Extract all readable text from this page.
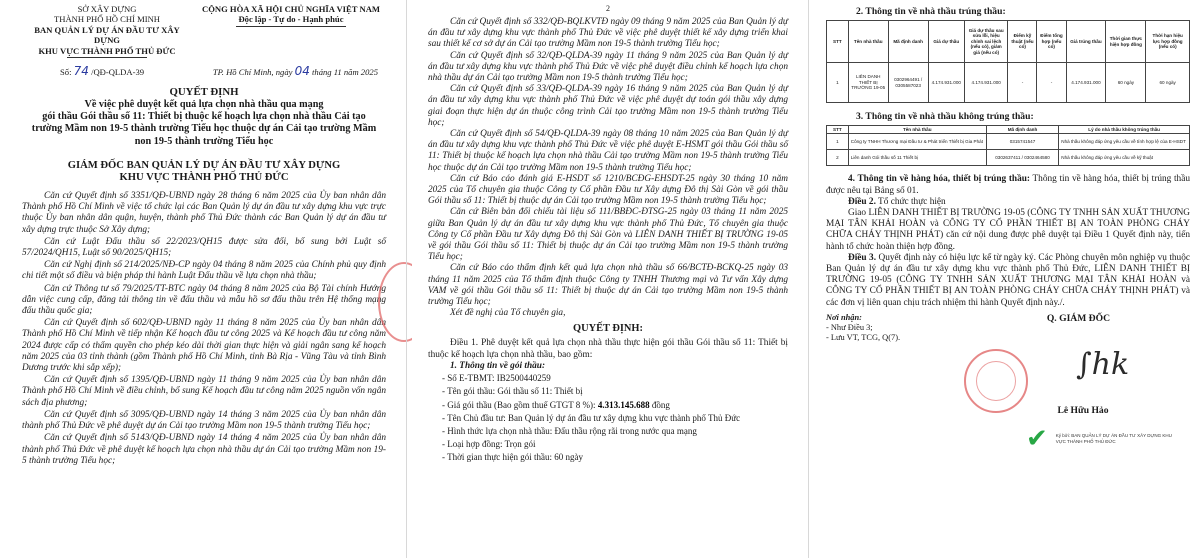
SỞ XÂY DỰNG
THÀNH PHỐ HỒ CHÍ MINH
BAN QUẢN LÝ DỰ ÁN ĐẦU TƯ XÂY DỰNG
KHU VỰC THÀNH PHỐ THỦ ĐỨC
CỘNG HÒA XÃ HỘI CHỦ NGHĨA VIỆT NAM
Độc lập - Tự do - Hạnh phúc
Số: 74 /QĐ-QLDA-39	TP. Hồ Chí Minh, ngày 04 tháng 11 năm 2025
QUYẾT ĐỊNH
Về việc phê duyệt kết quả lựa chọn nhà thầu qua mạng
gói thầu Gói thầu số 11: Thiết bị thuộc kế hoạch lựa chọn nhà thầu Cải tạo
trường Mầm non 19-5 thành trường Tiểu học thuộc dự án Cải tạo trường Mầm
non 19-5 thành trường Tiểu học
GIÁM ĐỐC BAN QUẢN LÝ DỰ ÁN ĐẦU TƯ XÂY DỰNG
KHU VỰC THÀNH PHỐ THỦ ĐỨC

Căn cứ Quyết định số 3351/QĐ-UBND ngày 28 tháng 6 năm 2025 của Ủy ban nhân dân Thành phố Hồ Chí Minh về việc tổ chức lại các Ban Quản lý dự án đầu tư xây dựng khu vực trực thuộc Ủy ban nhân dân quận, huyện, thành phố Thủ Đức thành các Ban Quản lý dự án đầu tư xây dựng trực thuộc Sở Xây dựng;

Căn cứ Luật Đấu thầu số 22/2023/QH15 được sửa đổi, bổ sung bởi Luật số 57/2024/QH15, Luật số 90/2025/QH15;

Căn cứ Nghị định số 214/2025/NĐ-CP ngày 04 tháng 8 năm 2025 của Chính phủ quy định chi tiết một số điều và biện pháp thi hành Luật Đấu thầu về lựa chọn nhà thầu;

Căn cứ Thông tư số 79/2025/TT-BTC ngày 04 tháng 8 năm 2025 của Bộ Tài chính Hướng dẫn việc cung cấp, đăng tải thông tin về đấu thầu và mẫu hồ sơ đấu thầu trên Hệ thống mạng đấu thầu quốc gia;

Căn cứ Quyết định số 602/QĐ-UBND ngày 11 tháng 8 năm 2025 của Ủy ban nhân dân Thành phố Hồ Chí Minh về tiếp nhận Kế hoạch đầu tư công 2025 và Kế hoạch đầu tư công năm 2024 được cấp có thẩm quyền cho phép kéo dài thời gian thực hiện và giải ngân sang kế hoạch năm 2025 của 03 tỉnh thành (gồm Thành phố Hồ Chí Minh, tỉnh Bà Rịa - Vũng Tàu và tỉnh Bình Dương trước khi sắp xếp);

Căn cứ Quyết định số 1395/QĐ-UBND ngày 11 tháng 9 năm 2025 của Ủy ban nhân dân Thành phố Hồ Chí Minh về điều chỉnh, bổ sung Kế hoạch đầu tư công năm 2025 nguồn vốn ngân sách địa phương;

Căn cứ Quyết định số 3095/QĐ-UBND ngày 14 tháng 3 năm 2025 của Ủy ban nhân dân thành phố Thủ Đức về phê duyệt dự án Cải tạo trường Mầm non 19-5 thành trường Tiểu học;

Căn cứ Quyết định số 5143/QĐ-UBND ngày 14 tháng 4 năm 2025 của Ủy ban nhân dân thành phố Thủ Đức về phê duyệt kế hoạch lựa chọn nhà thầu dự án Cải tạo trường Mầm non 19-5 thành trường Tiểu học;

2

Căn cứ Quyết định số 332/QĐ-BQLKVTĐ ngày 09 tháng 9 năm 2025 của Ban Quản lý dự án đầu tư xây dựng khu vực thành phố Thủ Đức về việc phê duyệt thiết kế xây dựng triển khai sau thiết kế cơ sở dự án Cải tạo trường Mầm non 19-5 thành trường Tiểu học;

Căn cứ Quyết định số 32/QĐ-QLDA-39 ngày 11 tháng 9 năm 2025 của Ban Quản lý dự án đầu tư xây dựng khu vực thành phố Thủ Đức về việc phê duyệt điều chỉnh kế hoạch lựa chọn nhà thầu dự án Cải tạo trường Mầm non 19-5 thành trường Tiểu học;

Căn cứ Quyết định số 33/QĐ-QLDA-39 ngày 16 tháng 9 năm 2025 của Ban Quản lý dự án đầu tư xây dựng khu vực thành phố Thủ Đức về việc phê duyệt dự toán gói thầu xây dựng giai đoạn thực hiện dự án thuộc công trình Cải tạo trường Mầm non 19-5 thành trường Tiểu học;

Căn cứ Quyết định số 54/QĐ-QLDA-39 ngày 08 tháng 10 năm 2025 của Ban Quản lý dự án đầu tư xây dựng khu vực thành phố Thủ Đức về việc phê duyệt E-HSMT gói thầu Gói thầu số 11: Thiết bị thuộc kế hoạch lựa chọn nhà thầu Cải tạo trường Mầm non 19-5 thành trường Tiểu học thuộc dự án Cải tạo trường Mầm non 19-5 thành trường Tiểu học;

Căn cứ Báo cáo đánh giá E-HSDT số 1210/BCĐG-EHSDT-25 ngày 30 tháng 10 năm 2025 của Tổ chuyên gia thuộc Công ty Cổ phần Đầu tư Xây dựng Đô thị Sài Gòn về gói thầu Gói thầu số 11: Thiết bị thuộc dự án Cải tạo trường Mầm non 19-5 thành trường Tiểu học;

Căn cứ Biên bản đối chiếu tài liệu số 111/BBĐC-ĐTSG-25 ngày 03 tháng 11 năm 2025 giữa Ban Quản lý dự án đầu tư xây dựng khu vực thành phố Thủ Đức, Tổ chuyên gia thuộc Công ty Cổ phần Đầu tư Xây dựng Đô thị Sài Gòn và LIÊN DANH THIẾT BỊ TRƯỜNG 19-05 về gói thầu Gói thầu số 11: Thiết bị thuộc dự án Cải tạo trường Mầm non 19-5 thành trường Tiểu học;

Căn cứ Báo cáo thẩm định kết quả lựa chọn nhà thầu số 66/BCTĐ-BCKQ-25 ngày 03 tháng 11 năm 2025 của Tổ thẩm định thuộc Công ty TNHH Thương mại và Tư vấn Xây dựng VAM về gói thầu Gói thầu số 11: Thiết bị thuộc dự án Cải tạo trường Mầm non 19-5 thành trường Tiểu học;

Xét đề nghị của Tổ chuyên gia,

QUYẾT ĐỊNH:

Điều 1. Phê duyệt kết quả lựa chọn nhà thầu thực hiện gói thầu Gói thầu số 11: Thiết bị thuộc kế hoạch lựa chọn nhà thầu, bao gồm:

1. Thông tin về gói thầu:

- Số E-TBMT: IB2500440259
- Tên gói thầu: Gói thầu số 11: Thiết bị
- Giá gói thầu (Bao gồm thuế GTGT 8 %): 4.313.145.688 đồng
- Tên Chủ đầu tư: Ban Quản lý dự án đầu tư xây dựng khu vực thành phố Thủ Đức
- Hình thức lựa chọn nhà thầu: Đấu thầu rộng rãi trong nước qua mạng
- Loại hợp đồng: Trọn gói
- Thời gian thực hiện gói thầu: 60 ngày
2. Thông tin về nhà thầu trúng thầu:
STT	Tên nhà thầu	Mã định danh	Giá dự thầu	Giá dự thầu sau sửa lỗi, hiệu chỉnh sai lệch (nếu có), giảm giá (nếu có)	Điểm kỹ thuật (nếu có)	Điểm tổng hợp (nếu có)	Giá trúng thầu	Thời gian thực hiện hợp đồng	Thời hạn hiệu lực hợp đồng (nếu có)
1	LIÊN DANH THIẾT BỊ TRƯỜNG 19-05	0302964491 / 0305587023	4.174.931.000	4.174.931.000	-	-	4.174.931.000	60 ngày	60 ngày
3. Thông tin về nhà thầu không trúng thầu:
STT	Tên nhà thầu	Mã định danh	Lý do nhà thầu không trúng thầu
1	Công ty TNHH Thương mại Đầu tư & Phát triển Thiết bị Gia Phát	0315741547	Nhà thầu không đáp ứng yêu cầu về tính hợp lệ của E-HSDT
2	Liên danh Gói thầu số 11 Thiết bị	0302637411 / 0302464580	Nhà thầu không đáp ứng yêu cầu về kỹ thuật

4. Thông tin về hàng hóa, thiết bị trúng thầu: Thông tin về hàng hóa, thiết bị trúng thầu được nêu tại Bảng số 01.

Điều 2. Tổ chức thực hiện

Giao LIÊN DANH THIẾT BỊ TRƯỜNG 19-05 (CÔNG TY TNHH SẢN XUẤT THƯƠNG MẠI TÂN KHẢI HOÀN và CÔNG TY CỔ PHẦN THIẾT BỊ AN TOÀN PHÒNG CHÁY CHỮA CHÁY THỊNH PHÁT) căn cứ nội dung được phê duyệt tại Điều 1 Quyết định này, tiến hành tổ chức hoàn thiện hợp đồng.

Điều 3. Quyết định này có hiệu lực kể từ ngày ký. Các Phòng chuyên môn nghiệp vụ thuộc Ban Quản lý dự án đầu tư xây dựng khu vực thành phố Thủ Đức, LIÊN DANH THIẾT BỊ TRƯỜNG 19-05 (CÔNG TY TNHH SẢN XUẤT THƯƠNG MẠI TÂN KHẢI HOÀN và CÔNG TY CỔ PHẦN THIẾT BỊ AN TOÀN PHÒNG CHÁY CHỮA CHÁY THỊNH PHÁT) và các đơn vị liên quan chịu trách nhiệm thi hành Quyết định này./.

Nơi nhận:
- Như Điều 3;
- Lưu VT, TCG, Q(7).
Q. GIÁM ĐỐC
∫hk
Lê Hữu Hảo
✔ Ký bởi: BAN QUẢN LÝ DỰ ÁN ĐẦU TƯ XÂY DỰNG KHU VỰC THÀNH PHỐ THỦ ĐỨC
